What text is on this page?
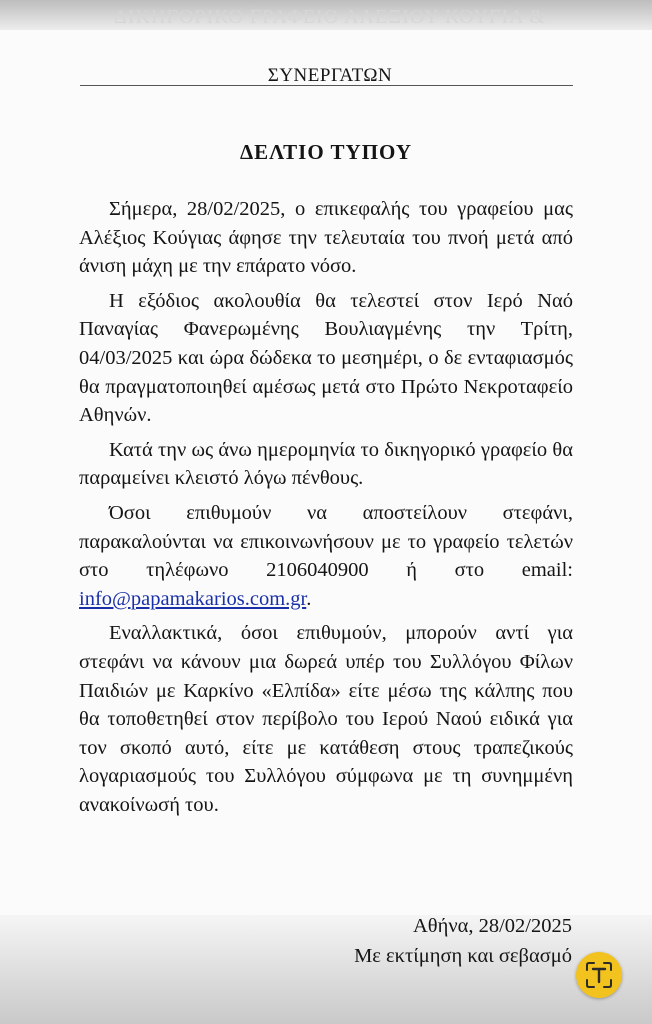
ΔΙΚΗΓΟΡΙΚΟ ΓΡΑΦΕΙΟ ΑΛΕΞΙΟΥ ΚΟΥΓΙΑ &
ΣΥΝΕΡΓΑΤΩΝ
ΔΕΛΤΙΟ ΤΥΠΟΥ

Σήμερα, 28/02/2025, ο επικεφαλής του γραφείου μας Αλέξιος Κούγιας άφησε την τελευταία του πνοή μετά από άνιση μάχη με την επάρατο νόσο.

Η εξόδιος ακολουθία θα τελεστεί στον Ιερό Ναό Παναγίας Φανερωμένης Βουλιαγμένης την Τρίτη, 04/03/2025 και ώρα δώδεκα το μεσημέρι, ο δε ενταφιασμός θα πραγματοποιηθεί αμέσως μετά στο Πρώτο Νεκροταφείο Αθηνών.

Κατά την ως άνω ημερομηνία το δικηγορικό γραφείο θα παραμείνει κλειστό λόγω πένθους.

Όσοι επιθυμούν να αποστείλουν στεφάνι, παρακαλούνται να επικοινωνήσουν με το γραφείο τελετών στο τηλέφωνο 2106040900 ή στο email: info@papamakarios.com.gr.

Εναλλακτικά, όσοι επιθυμούν, μπορούν αντί για στεφάνι να κάνουν μια δωρεά υπέρ του Συλλόγου Φίλων Παιδιών με Καρκίνο «Ελπίδα» είτε μέσω της κάλπης που θα τοποθετηθεί στον περίβολο του Ιερού Ναού ειδικά για τον σκοπό αυτό, είτε με κατάθεση στους τραπεζικούς λογαριασμούς του Συλλόγου σύμφωνα με τη συνημμένη ανακοίνωσή του.

Αθήνα, 28/02/2025
Με εκτίμηση και σεβασμό
